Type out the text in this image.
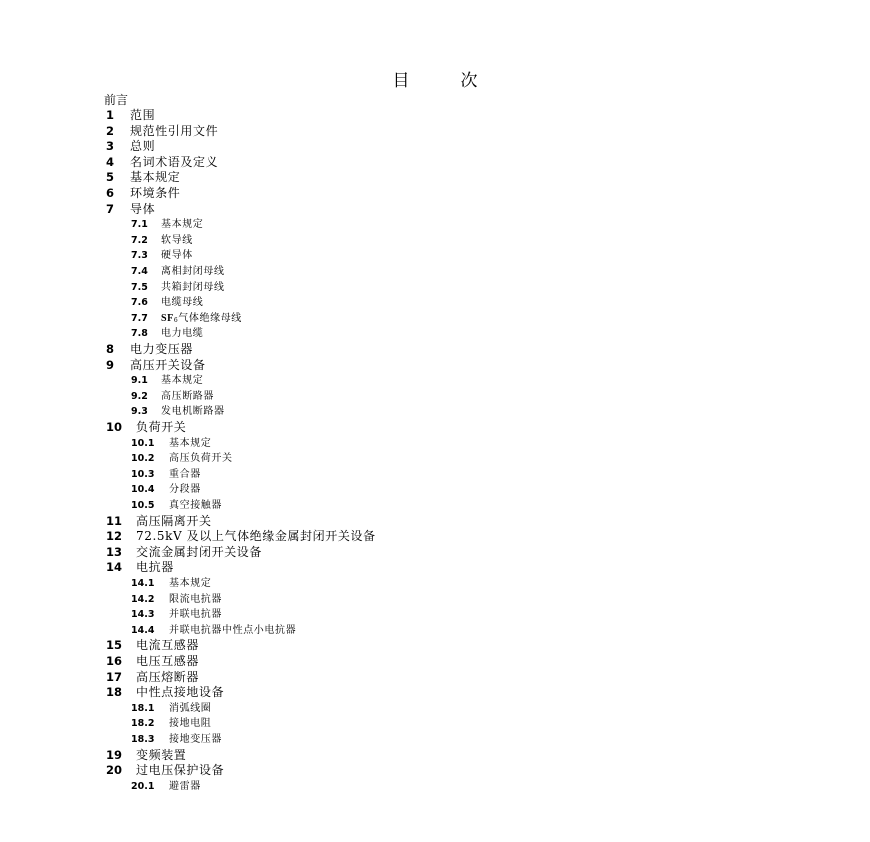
目　　　次
前言
1 范围
2 规范性引用文件
3 总则
4 名词术语及定义
5 基本规定
6 环境条件
7 导体
7.1 基本规定
7.2 软导线
7.3 硬导体
7.4 离相封闭母线
7.5 共箱封闭母线
7.6 电缆母线
7.7 $SF_6$气体绝缘母线
7.8 电力电缆
8 电力变压器
9 高压开关设备
9.1 基本规定
9.2 高压断路器
9.3 发电机断路器
10 负荷开关
10.1 基本规定
10.2 高压负荷开关
10.3 重合器
10.4 分段器
10.5 真空接触器
11 高压隔离开关
12 72.5kV 及以上气体绝缘金属封闭开关设备
13 交流金属封闭开关设备
14 电抗器
14.1 基本规定
14.2 限流电抗器
14.3 并联电抗器
14.4 并联电抗器中性点小电抗器
15 电流互感器
16 电压互感器
17 高压熔断器
18 中性点接地设备
18.1 消弧线圈
18.2 接地电阻
18.3 接地变压器
19 变频装置
20 过电压保护设备
20.1 避雷器
